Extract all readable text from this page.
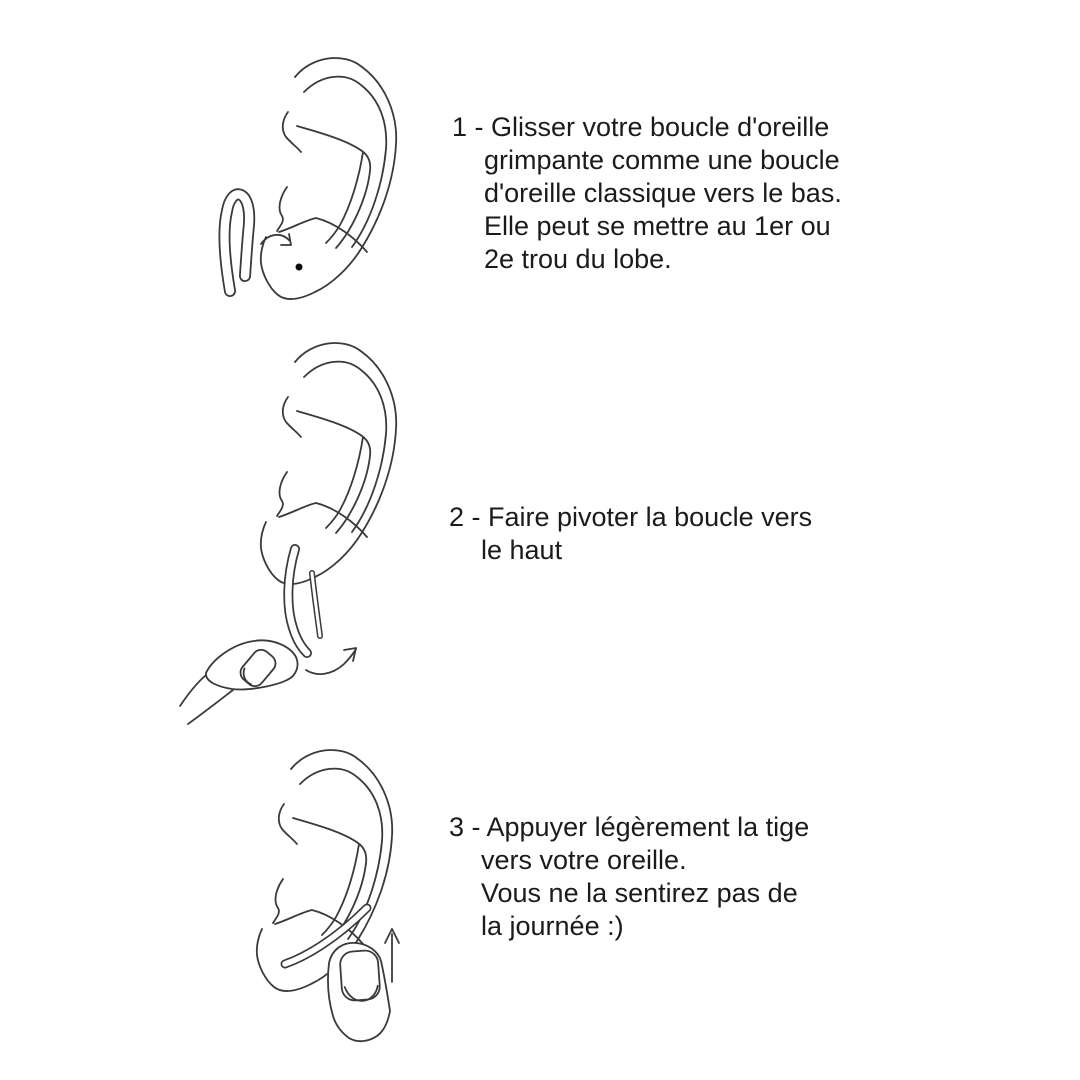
1 - Glisser votre boucle d'oreille
grimpante comme une boucle
d'oreille classique vers le bas.
Elle peut se mettre au 1er ou
2e trou du lobe.
2 - Faire pivoter la boucle vers
le haut
3 - Appuyer légèrement la tige
vers votre oreille.
Vous ne la sentirez pas de
la journée :)
